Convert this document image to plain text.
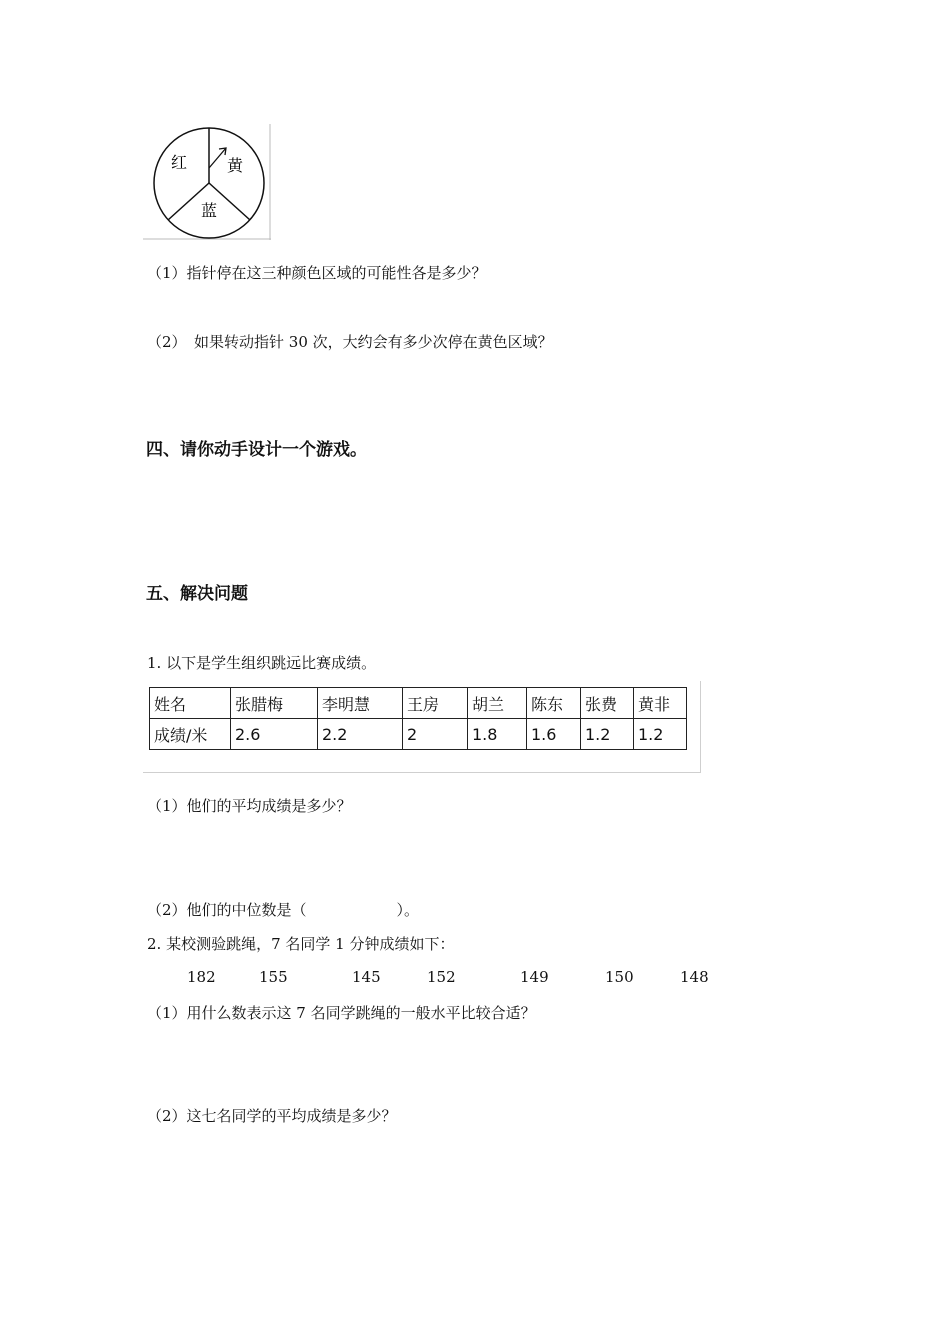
红 黄
蓝
（1）指针停在这三种颜色区域的可能性各是多少？
（2）　如果转动指针 30 次，大约会有多少次停在黄色区域？
四、请你动手设计一个游戏。
五、解决问题
1. 以下是学生组织跳远比赛成绩。
姓名	张腊梅	李明慧	王房	胡兰	陈东	张费	黄非
成绩/米	2.6	2.2	2	1.8	1.6	1.2	1.2
（1）他们的平均成绩是多少？
（2）他们的中位数是（　　　　　　）。
2. 某校测验跳绳，7 名同学 1 分钟成绩如下：
182	155	145	152	149	150	148
（1）用什么数表示这 7 名同学跳绳的一般水平比较合适？
（2）这七名同学的平均成绩是多少？
